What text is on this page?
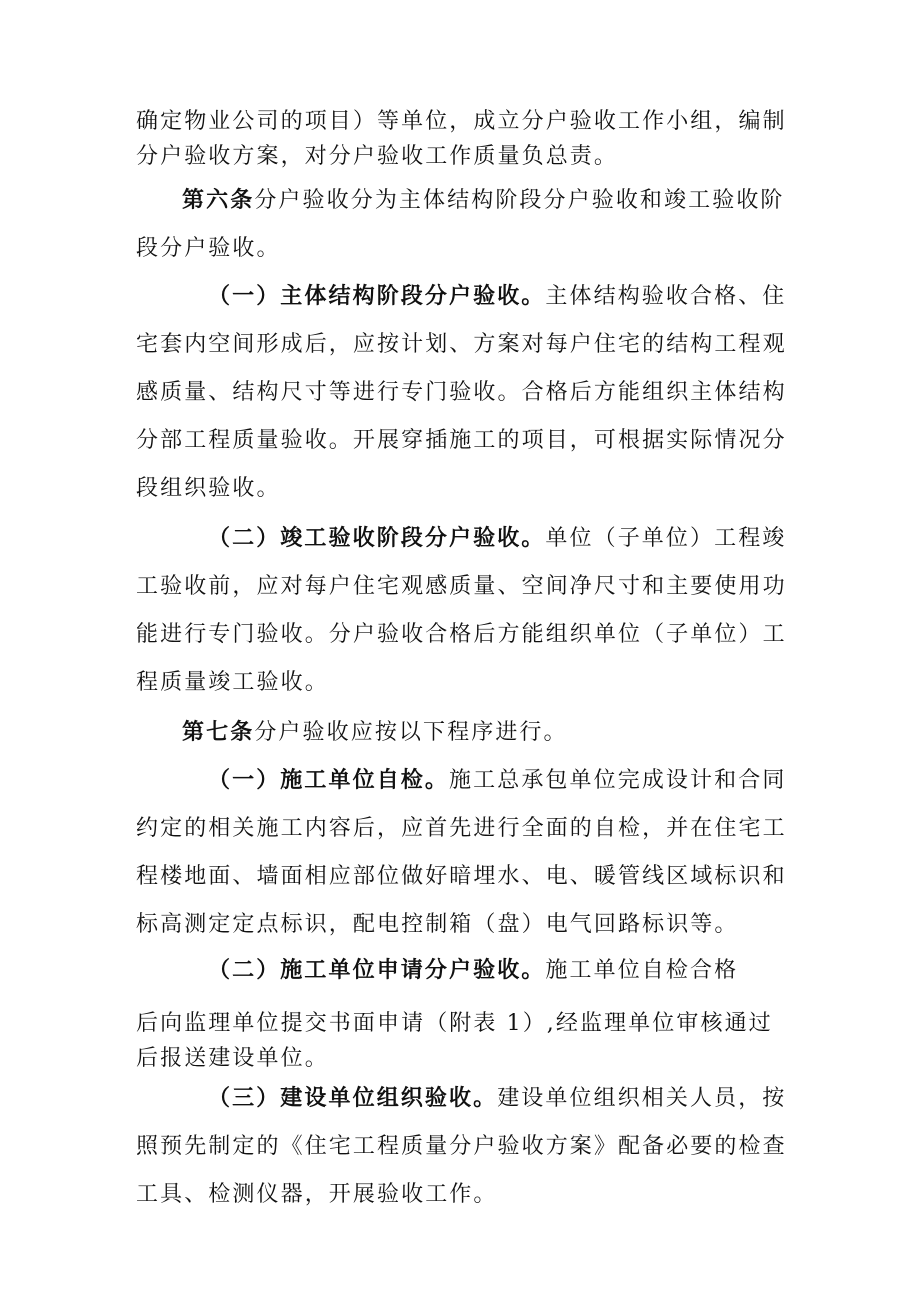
确定物业公司的项目）等单位，成立分户验收工作小组，编制分户验收方案，对分户验收工作质量负总责。

第六条分户验收分为主体结构阶段分户验收和竣工验收阶段分户验收。

（一）主体结构阶段分户验收。主体结构验收合格、住宅套内空间形成后，应按计划、方案对每户住宅的结构工程观感质量、结构尺寸等进行专门验收。合格后方能组织主体结构分部工程质量验收。开展穿插施工的项目，可根据实际情况分段组织验收。

（二）竣工验收阶段分户验收。单位（子单位）工程竣工验收前，应对每户住宅观感质量、空间净尺寸和主要使用功能进行专门验收。分户验收合格后方能组织单位（子单位）工程质量竣工验收。

第七条分户验收应按以下程序进行。

（一）施工单位自检。施工总承包单位完成设计和合同约定的相关施工内容后，应首先进行全面的自检，并在住宅工程楼地面、墙面相应部位做好暗埋水、电、暖管线区域标识和标高测定定点标识，配电控制箱（盘）电气回路标识等。

（二）施工单位申请分户验收。施工单位自检合格

后向监理单位提交书面申请（附表 1）,经监理单位审核通过后报送建设单位。

（三）建设单位组织验收。建设单位组织相关人员，按照预先制定的《住宅工程质量分户验收方案》配备必要的检查工具、检测仪器，开展验收工作。
